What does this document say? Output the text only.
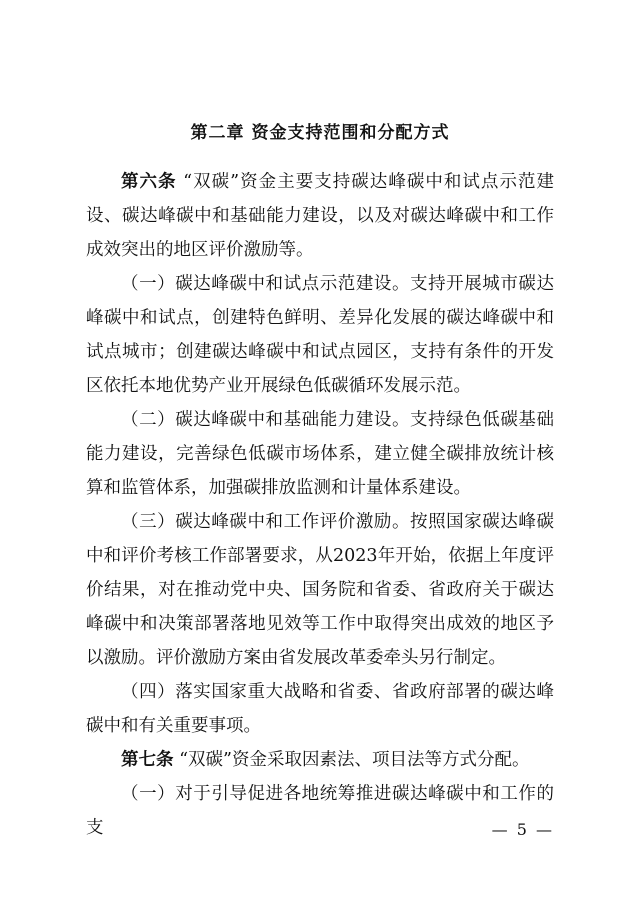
第二章 资金支持范围和分配方式

第六条 “双碳”资金主要支持碳达峰碳中和试点示范建设、碳达峰碳中和基础能力建设，以及对碳达峰碳中和工作成效突出的地区评价激励等。

（一）碳达峰碳中和试点示范建设。支持开展城市碳达峰碳中和试点，创建特色鲜明、差异化发展的碳达峰碳中和试点城市；创建碳达峰碳中和试点园区，支持有条件的开发区依托本地优势产业开展绿色低碳循环发展示范。

（二）碳达峰碳中和基础能力建设。支持绿色低碳基础能力建设，完善绿色低碳市场体系，建立健全碳排放统计核算和监管体系，加强碳排放监测和计量体系建设。

（三）碳达峰碳中和工作评价激励。按照国家碳达峰碳中和评价考核工作部署要求，从2023年开始，依据上年度评价结果，对在推动党中央、国务院和省委、省政府关于碳达峰碳中和决策部署落地见效等工作中取得突出成效的地区予以激励。评价激励方案由省发展改革委牵头另行制定。

（四）落实国家重大战略和省委、省政府部署的碳达峰碳中和有关重要事项。

第七条 “双碳”资金采取因素法、项目法等方式分配。

（一）对于引导促进各地统筹推进碳达峰碳中和工作的支	— 5 —
